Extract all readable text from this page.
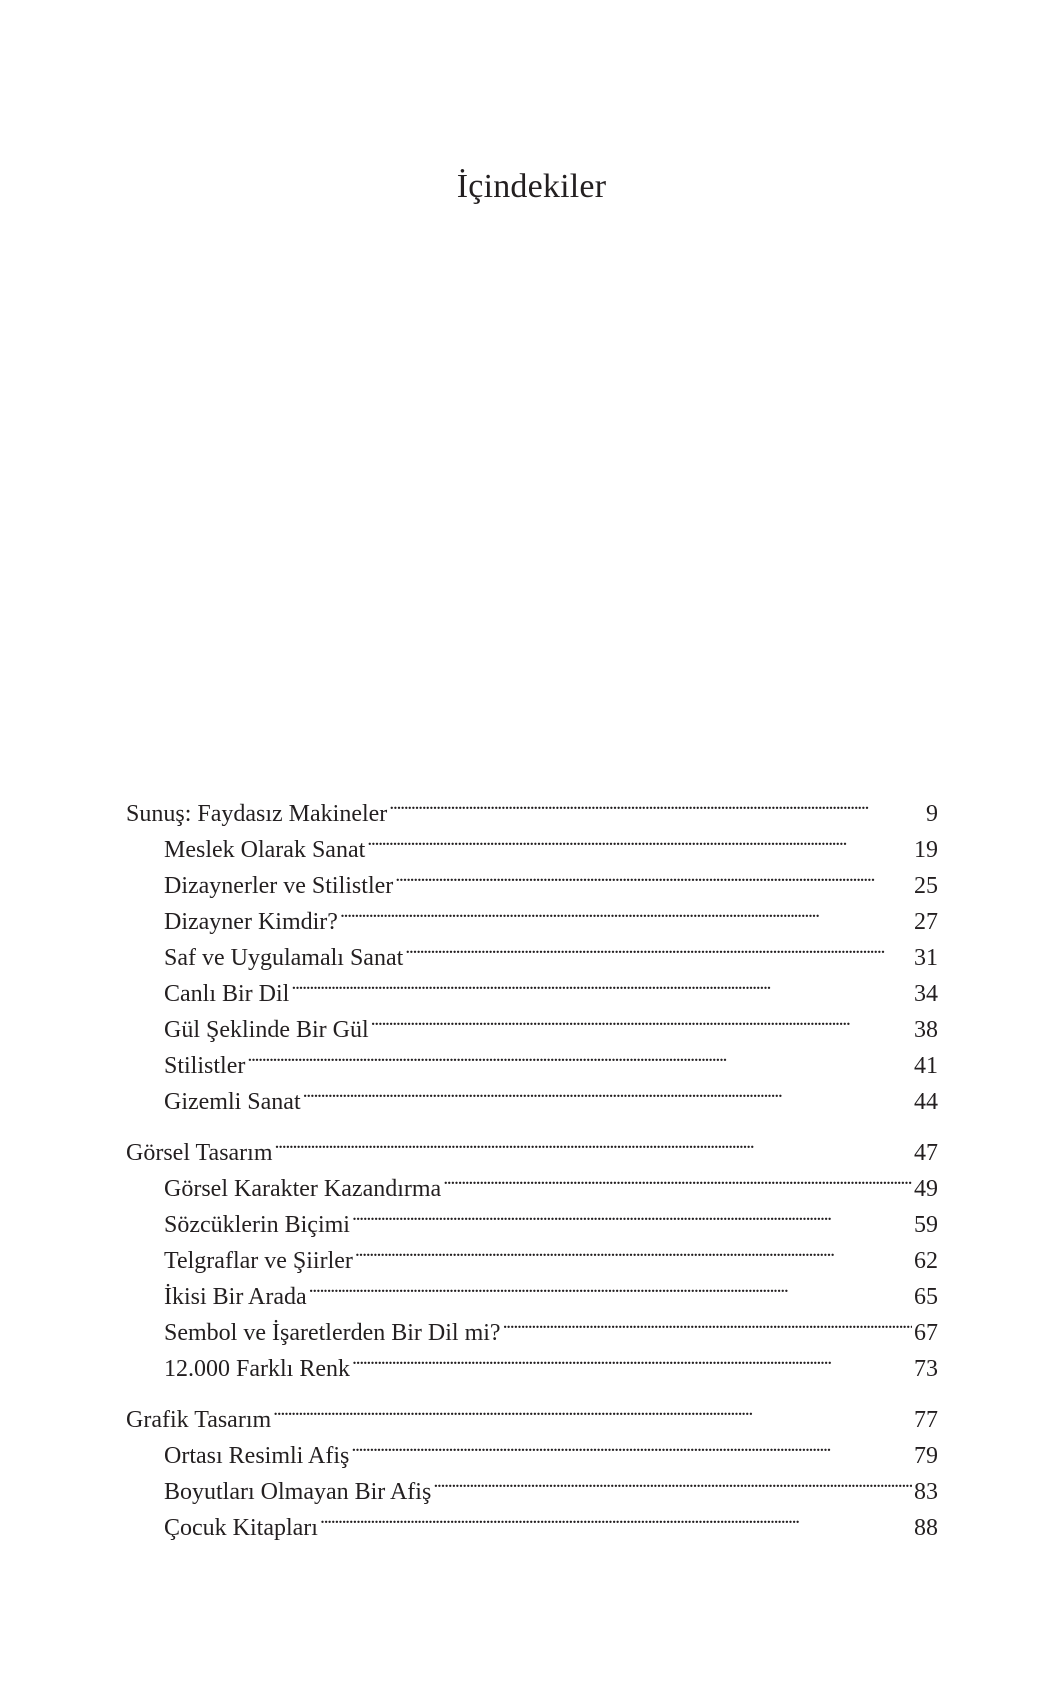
İçindekiler
Sunuş: Faydasız Makineler . . .	9
Meslek Olarak Sanat . . .	19
Dizaynerler ve Stilistler . . .	25
Dizayner Kimdir? . . .	27
Saf ve Uygulamalı Sanat . . .	31
Canlı Bir Dil . . .	34
Gül Şeklinde Bir Gül . . .	38
Stilistler . . .	41
Gizemli Sanat . . .	44
Görsel Tasarım . . .	47
Görsel Karakter Kazandırma . . .	49
Sözcüklerin Biçimi . . .	59
Telgraflar ve Şiirler . . .	62
İkisi Bir Arada . . .	65
Sembol ve İşaretlerden Bir Dil mi? . . .	67
12.000 Farklı Renk . . .	73
Grafik Tasarım . . .	77
Ortası Resimli Afiş . . .	79
Boyutları Olmayan Bir Afiş . . .	83
Çocuk Kitapları . . .	88
